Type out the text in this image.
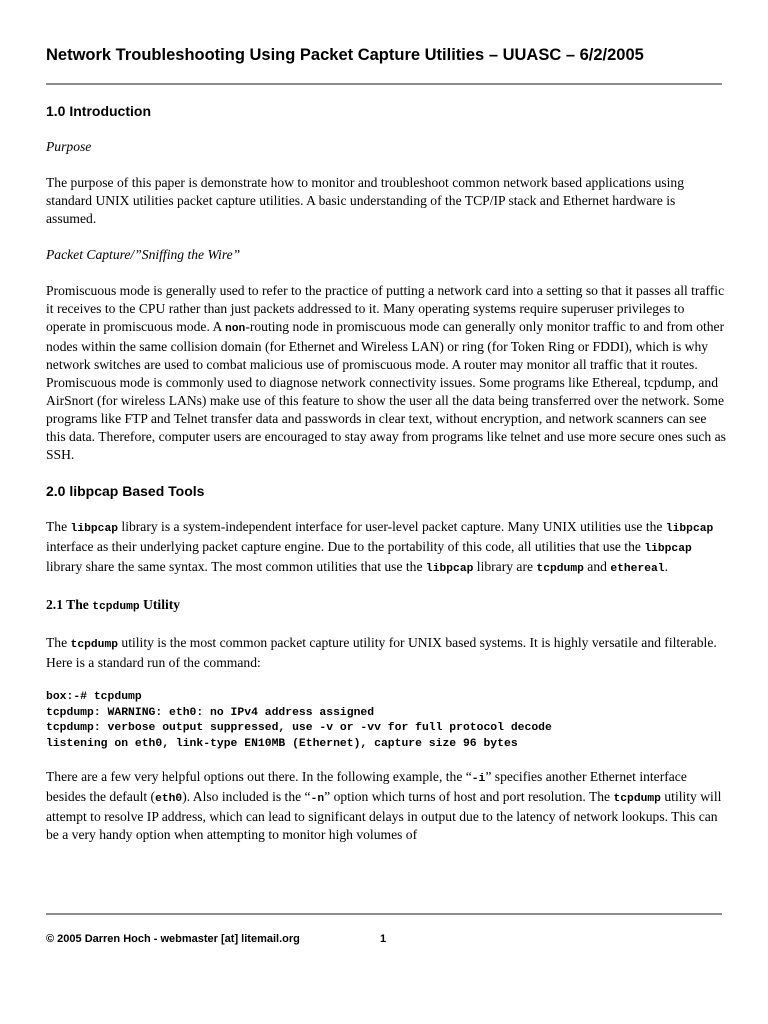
Network Troubleshooting Using Packet Capture Utilities – UUASC – 6/2/2005
1.0 Introduction

Purpose

The purpose of this paper is demonstrate how to monitor and troubleshoot common network based applications using standard UNIX utilities packet capture utilities. A basic understanding of the TCP/IP stack and Ethernet hardware is assumed.

Packet Capture/”Sniffing the Wire”

Promiscuous mode is generally used to refer to the practice of putting a network card into a setting so that it passes all traffic it receives to the CPU rather than just packets addressed to it. Many operating systems require superuser privileges to operate in promiscuous mode. A non-routing node in promiscuous mode can generally only monitor traffic to and from other nodes within the same collision domain (for Ethernet and Wireless LAN) or ring (for Token Ring or FDDI), which is why network switches are used to combat malicious use of promiscuous mode. A router may monitor all traffic that it routes. Promiscuous mode is commonly used to diagnose network connectivity issues. Some programs like Ethereal, tcpdump, and AirSnort (for wireless LANs) make use of this feature to show the user all the data being transferred over the network. Some programs like FTP and Telnet transfer data and passwords in clear text, without encryption, and network scanners can see this data. Therefore, computer users are encouraged to stay away from programs like telnet and use more secure ones such as SSH.

2.0 libpcap Based Tools

The libpcap library is a system-independent interface for user-level packet capture. Many UNIX utilities use the libpcap interface as their underlying packet capture engine. Due to the portability of this code, all utilities that use the libpcap library share the same syntax. The most common utilities that use the libpcap library are tcpdump and ethereal.

2.1 The tcpdump Utility

The tcpdump utility is the most common packet capture utility for UNIX based systems. It is highly versatile and filterable. Here is a standard run of the command:

box:-# tcpdump
tcpdump: WARNING: eth0: no IPv4 address assigned
tcpdump: verbose output suppressed, use -v or -vv for full protocol decode
listening on eth0, link-type EN10MB (Ethernet), capture size 96 bytes

There are a few very helpful options out there. In the following example, the “-i” specifies another Ethernet interface besides the default (eth0). Also included is the “-n” option which turns of host and port resolution. The tcpdump utility will attempt to resolve IP address, which can lead to significant delays in output due to the latency of network lookups. This can be a very handy option when attempting to monitor high volumes of

© 2005 Darren Hoch - webmaster [at] litemail.org	1
